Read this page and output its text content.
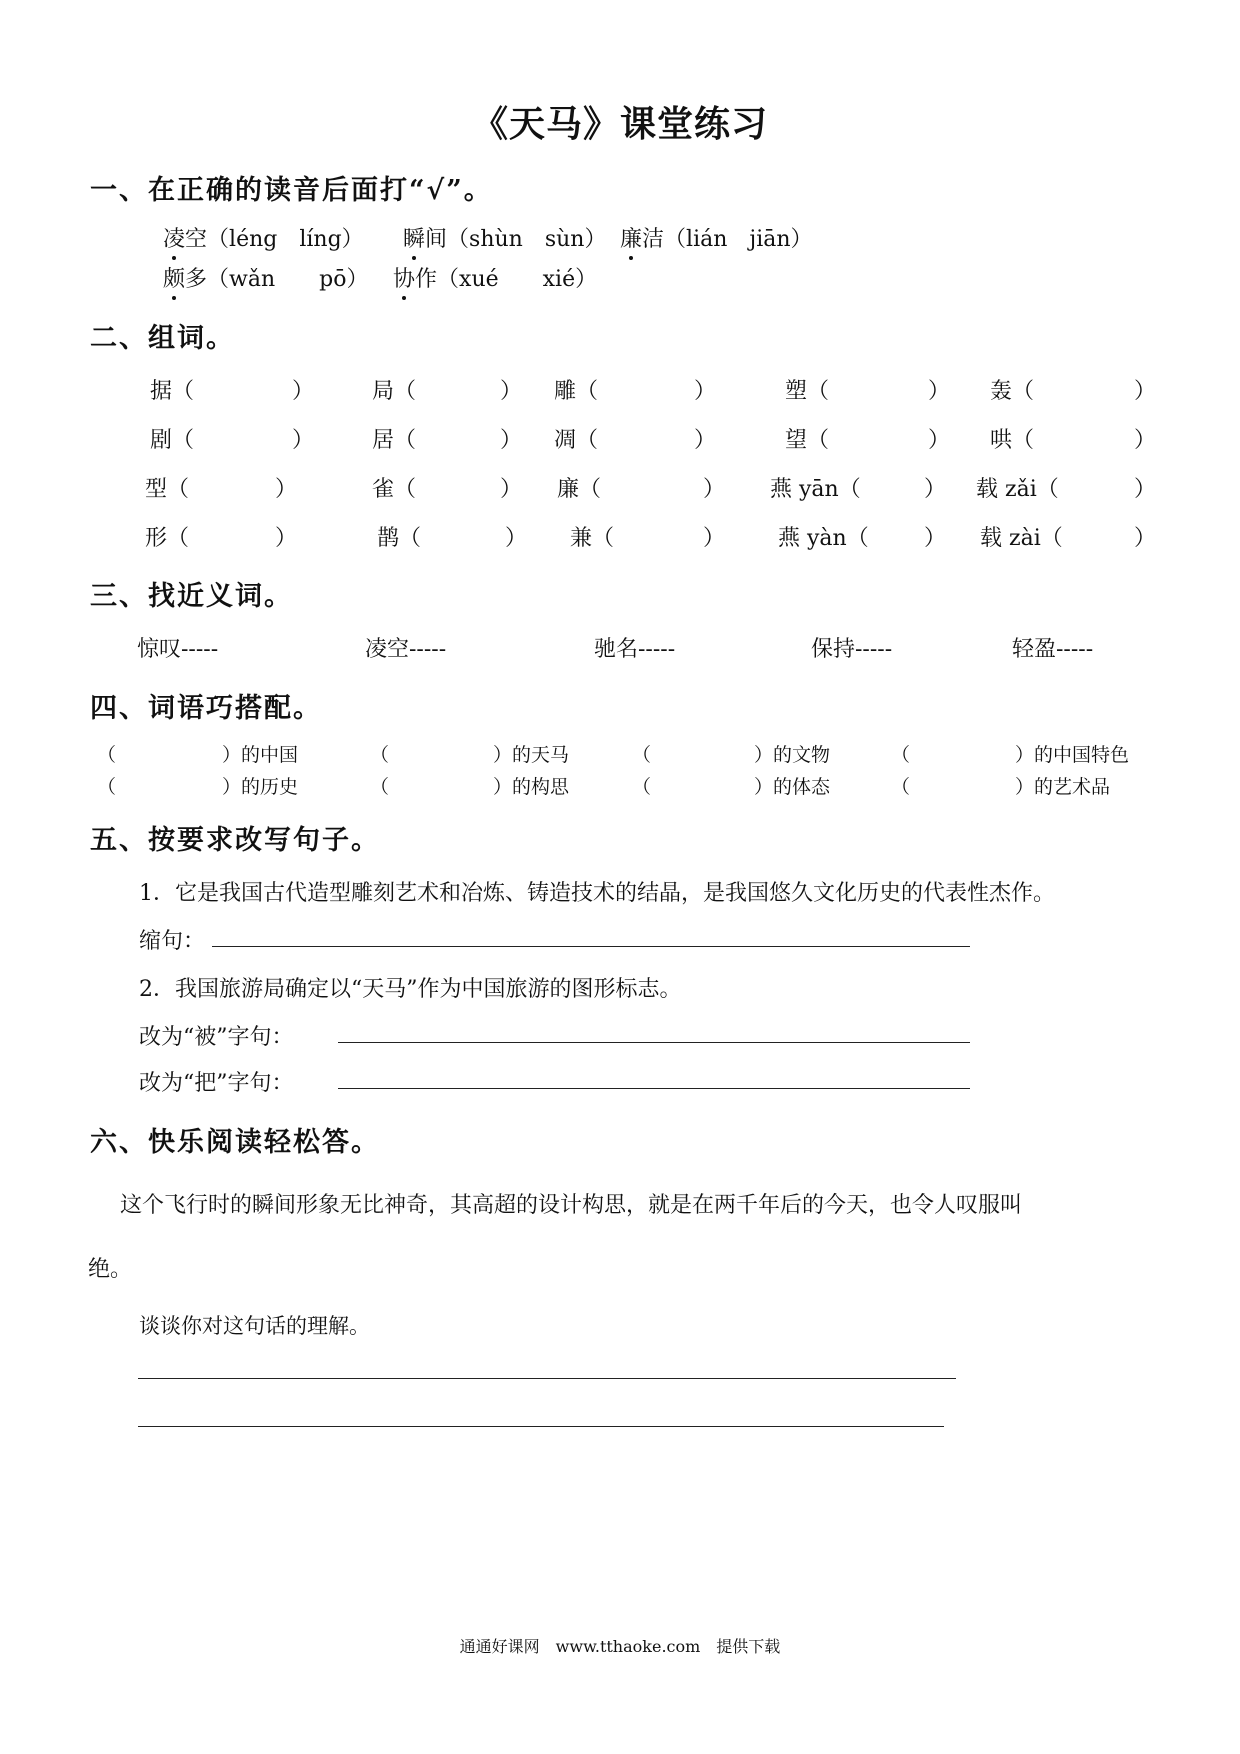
《天马》课堂练习
一、在正确的读音后面打“√”。
凌空（léng　líng） 瞬间（shùn　sùn） 廉洁（lián　jiān）
颇多（wǎn　　pō） 协作（xué　　xié）
二、组词。
据（	）	局（	） 雕（	）	塑（	） 轰（	）
剧（	）	居（	） 凋（	）	望（	） 哄（	）
型（	）	雀（	） 廉（	） 燕 yān（	） 载 zǎi（	）
形（	）	鹊（	） 兼（	） 燕 yàn（	） 载 zài（	）
三、找近义词。
惊叹-----	凌空-----	驰名-----	保持-----	轻盈-----
四、词语巧搭配。
（	）的中国	（	）的天马	（	）的文物	（	）的中国特色
（	）的历史	（	）的构思	（	）的体态	（	）的艺术品
五、按要求改写句子。
1．它是我国古代造型雕刻艺术和冶炼、铸造技术的结晶，是我国悠久文化历史的代表性杰作。
缩句：
2．我国旅游局确定以“天马”作为中国旅游的图形标志。
改为“被”字句：
改为“把”字句：
六、快乐阅读轻松答。
这个飞行时的瞬间形象无比神奇，其高超的设计构思，就是在两千年后的今天，也令人叹服叫
绝。
谈谈你对这句话的理解。
通通好课网　www.tthaoke.com　提供下载
